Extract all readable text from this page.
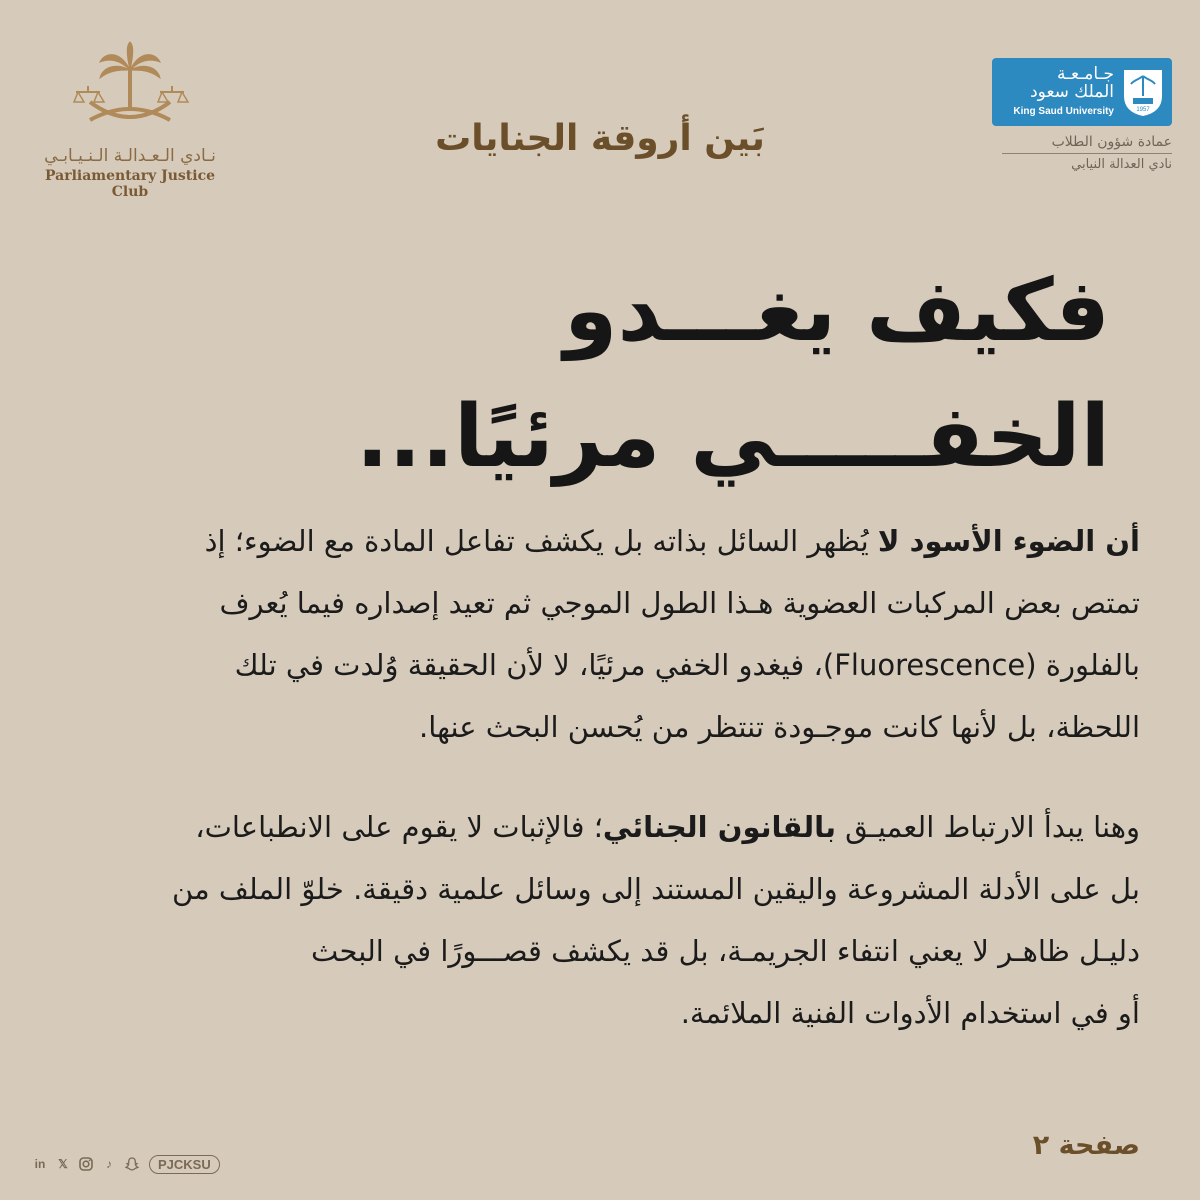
نـادي الـعـدالـة الـنـيـابـي
Parliamentary Justice Club
بَين أروقة الجنايات
جـامـعـة
الملك سعود
King Saud University	1957
عمادة شؤون الطلاب
نادي العدالة النيابي
فكيف يغـــدو
الخفـــــي مرئيًا...
أن الضوء الأسود لا يُظهر السائل بذاته بل يكشف تفاعل المادة مع الضوء؛ إذ
تمتص بعض المركبات العضوية هـذا الطول الموجي ثم تعيد إصداره فيما يُعرف
بالفلورة (Fluorescence)، فيغدو الخفي مرئيًا، لا لأن الحقيقة وُلدت في تلك
اللحظة، بل لأنها كانت موجـودة تنتظر من يُحسن البحث عنها.
وهنا يبدأ الارتباط العميـق بالقانون الجنائي؛ فالإثبات لا يقوم على الانطباعات،
بل على الأدلة المشروعة واليقين المستند إلى وسائل علمية دقيقة. خلوّ الملف من
دليـل ظاهـر لا يعني انتفاء الجريمـة، بل قد يكشف قصـــورًا في البحث
أو في استخدام الأدوات الفنية الملائمة.
صفحة ٢
in	𝕏	♪	PJCKSU
